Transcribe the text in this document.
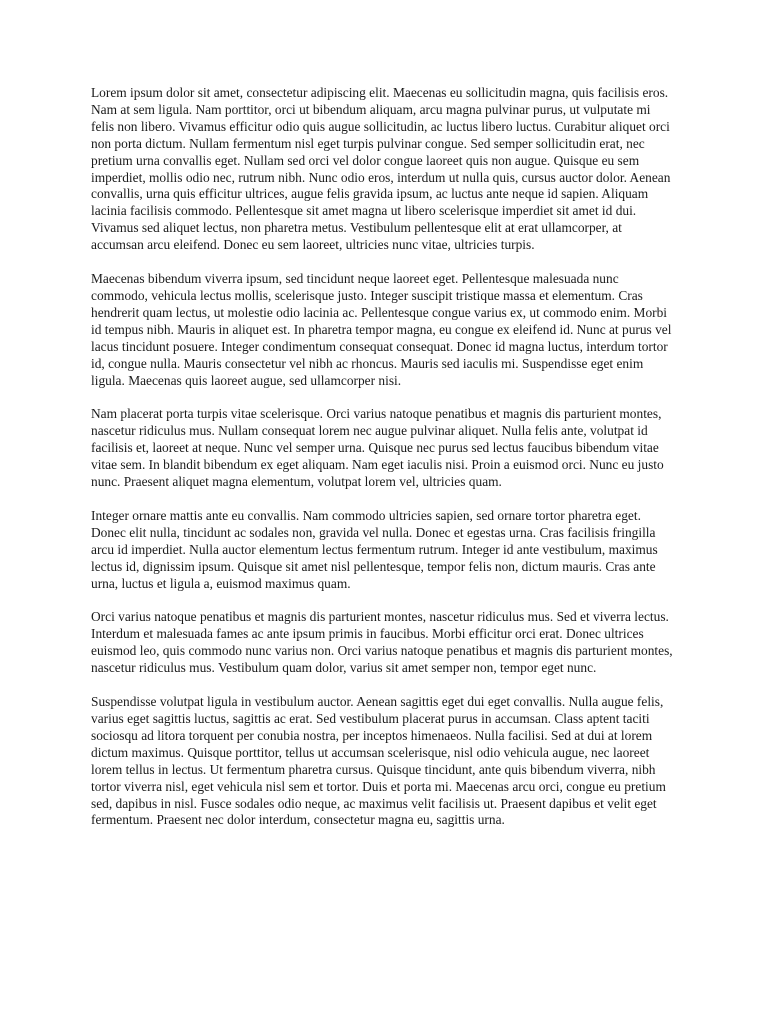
Lorem ipsum dolor sit amet, consectetur adipiscing elit. Maecenas eu sollicitudin magna, quis facilisis eros. Nam at sem ligula. Nam porttitor, orci ut bibendum aliquam, arcu magna pulvinar purus, ut vulputate mi felis non libero. Vivamus efficitur odio quis augue sollicitudin, ac luctus libero luctus. Curabitur aliquet orci non porta dictum. Nullam fermentum nisl eget turpis pulvinar congue. Sed semper sollicitudin erat, nec pretium urna convallis eget. Nullam sed orci vel dolor congue laoreet quis non augue. Quisque eu sem imperdiet, mollis odio nec, rutrum nibh. Nunc odio eros, interdum ut nulla quis, cursus auctor dolor. Aenean convallis, urna quis efficitur ultrices, augue felis gravida ipsum, ac luctus ante neque id sapien. Aliquam lacinia facilisis commodo. Pellentesque sit amet magna ut libero scelerisque imperdiet sit amet id dui. Vivamus sed aliquet lectus, non pharetra metus. Vestibulum pellentesque elit at erat ullamcorper, at accumsan arcu eleifend. Donec eu sem laoreet, ultricies nunc vitae, ultricies turpis.

Maecenas bibendum viverra ipsum, sed tincidunt neque laoreet eget. Pellentesque malesuada nunc commodo, vehicula lectus mollis, scelerisque justo. Integer suscipit tristique massa et elementum. Cras hendrerit quam lectus, ut molestie odio lacinia ac. Pellentesque congue varius ex, ut commodo enim. Morbi id tempus nibh. Mauris in aliquet est. In pharetra tempor magna, eu congue ex eleifend id. Nunc at purus vel lacus tincidunt posuere. Integer condimentum consequat consequat. Donec id magna luctus, interdum tortor id, congue nulla. Mauris consectetur vel nibh ac rhoncus. Mauris sed iaculis mi. Suspendisse eget enim ligula. Maecenas quis laoreet augue, sed ullamcorper nisi.

Nam placerat porta turpis vitae scelerisque. Orci varius natoque penatibus et magnis dis parturient montes, nascetur ridiculus mus. Nullam consequat lorem nec augue pulvinar aliquet. Nulla felis ante, volutpat id facilisis et, laoreet at neque. Nunc vel semper urna. Quisque nec purus sed lectus faucibus bibendum vitae vitae sem. In blandit bibendum ex eget aliquam. Nam eget iaculis nisi. Proin a euismod orci. Nunc eu justo nunc. Praesent aliquet magna elementum, volutpat lorem vel, ultricies quam.

Integer ornare mattis ante eu convallis. Nam commodo ultricies sapien, sed ornare tortor pharetra eget. Donec elit nulla, tincidunt ac sodales non, gravida vel nulla. Donec et egestas urna. Cras facilisis fringilla arcu id imperdiet. Nulla auctor elementum lectus fermentum rutrum. Integer id ante vestibulum, maximus lectus id, dignissim ipsum. Quisque sit amet nisl pellentesque, tempor felis non, dictum mauris. Cras ante urna, luctus et ligula a, euismod maximus quam.

Orci varius natoque penatibus et magnis dis parturient montes, nascetur ridiculus mus. Sed et viverra lectus. Interdum et malesuada fames ac ante ipsum primis in faucibus. Morbi efficitur orci erat. Donec ultrices euismod leo, quis commodo nunc varius non. Orci varius natoque penatibus et magnis dis parturient montes, nascetur ridiculus mus. Vestibulum quam dolor, varius sit amet semper non, tempor eget nunc.

Suspendisse volutpat ligula in vestibulum auctor. Aenean sagittis eget dui eget convallis. Nulla augue felis, varius eget sagittis luctus, sagittis ac erat. Sed vestibulum placerat purus in accumsan. Class aptent taciti sociosqu ad litora torquent per conubia nostra, per inceptos himenaeos. Nulla facilisi. Sed at dui at lorem dictum maximus. Quisque porttitor, tellus ut accumsan scelerisque, nisl odio vehicula augue, nec laoreet lorem tellus in lectus. Ut fermentum pharetra cursus. Quisque tincidunt, ante quis bibendum viverra, nibh tortor viverra nisl, eget vehicula nisl sem et tortor. Duis et porta mi. Maecenas arcu orci, congue eu pretium sed, dapibus in nisl. Fusce sodales odio neque, ac maximus velit facilisis ut. Praesent dapibus et velit eget fermentum. Praesent nec dolor interdum, consectetur magna eu, sagittis urna.
